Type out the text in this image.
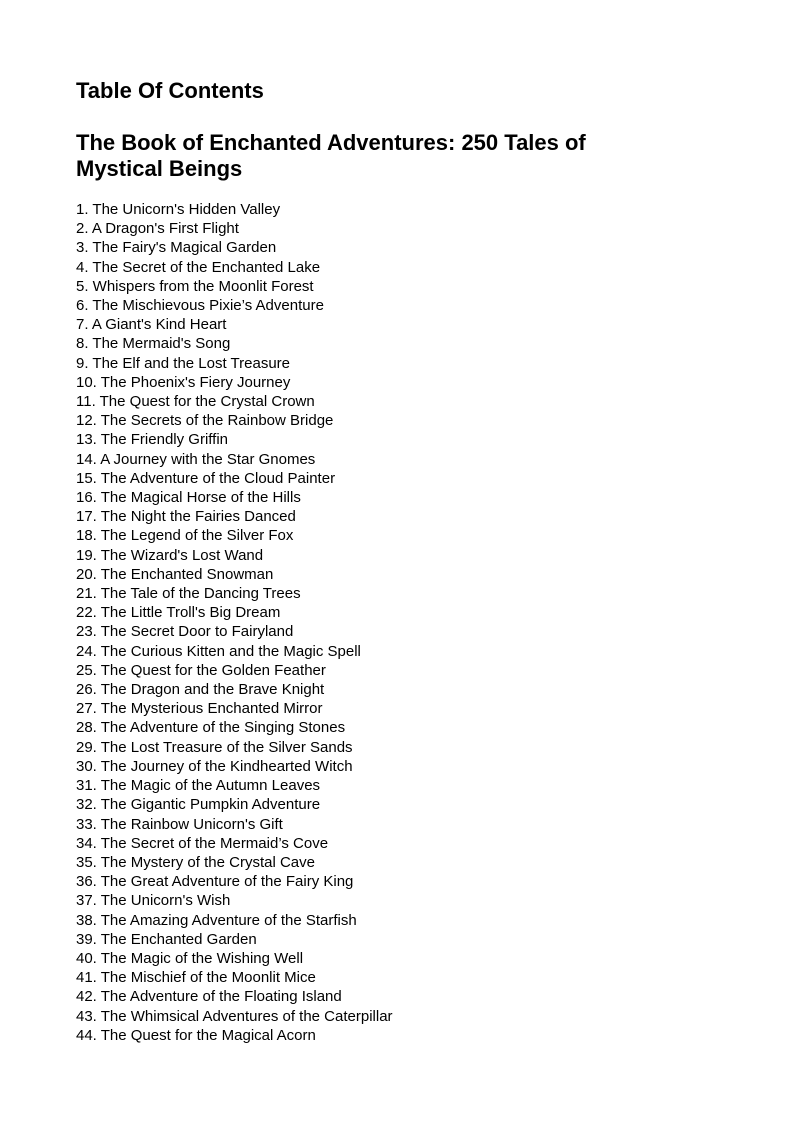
Table Of Contents
The Book of Enchanted Adventures: 250 Tales of Mystical Beings
1. The Unicorn's Hidden Valley
2. A Dragon's First Flight
3. The Fairy's Magical Garden
4. The Secret of the Enchanted Lake
5. Whispers from the Moonlit Forest
6. The Mischievous Pixie’s Adventure
7. A Giant's Kind Heart
8. The Mermaid's Song
9. The Elf and the Lost Treasure
10. The Phoenix's Fiery Journey
11. The Quest for the Crystal Crown
12. The Secrets of the Rainbow Bridge
13. The Friendly Griffin
14. A Journey with the Star Gnomes
15. The Adventure of the Cloud Painter
16. The Magical Horse of the Hills
17. The Night the Fairies Danced
18. The Legend of the Silver Fox
19. The Wizard's Lost Wand
20. The Enchanted Snowman
21. The Tale of the Dancing Trees
22. The Little Troll's Big Dream
23. The Secret Door to Fairyland
24. The Curious Kitten and the Magic Spell
25. The Quest for the Golden Feather
26. The Dragon and the Brave Knight
27. The Mysterious Enchanted Mirror
28. The Adventure of the Singing Stones
29. The Lost Treasure of the Silver Sands
30. The Journey of the Kindhearted Witch
31. The Magic of the Autumn Leaves
32. The Gigantic Pumpkin Adventure
33. The Rainbow Unicorn's Gift
34. The Secret of the Mermaid’s Cove
35. The Mystery of the Crystal Cave
36. The Great Adventure of the Fairy King
37. The Unicorn's Wish
38. The Amazing Adventure of the Starfish
39. The Enchanted Garden
40. The Magic of the Wishing Well
41. The Mischief of the Moonlit Mice
42. The Adventure of the Floating Island
43. The Whimsical Adventures of the Caterpillar
44. The Quest for the Magical Acorn
